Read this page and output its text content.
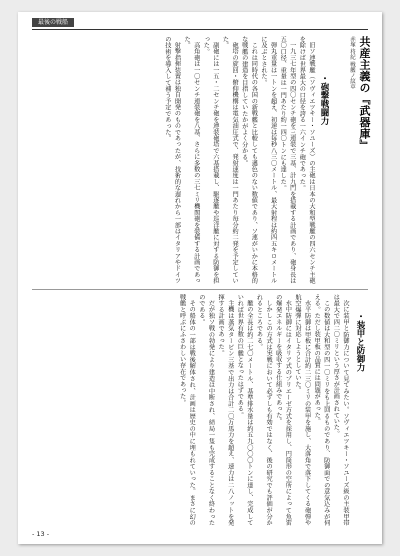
最後の戦船
共産主義の『武器庫』
赤塚 将紀 戦艦ノ紋章
・砲撃戦闘力

旧ソ連戦艦（ソヴィエツキー・ソユーズ）の主砲は日本の大和型戦艦の四六センチ主砲を除けば世界最大の口径を誇る一六インチ砲であった。

一九三七年型の四〇センチ砲を三連装で三基、計九門を搭載する計画であり、砲身長は五〇口径、重量は一門あたり約一四〇トンにも達した。

弾丸重量は一トンを超え、初速は毎秒八三〇メートル、最大射程は約四五キロメートルに及ぶとされた。

これは同時代の各国の新戦艦と比較しても遜色のない数値であり、ソ連がいかに本格的な戦艦の建造を目指していたかがよく分かる。

砲塔の旋回・俯仰機構は電気油圧式で、発射速度は一門あたり毎分約二発を予定していた。

副砲には一五・二センチ砲を連装砲塔で六基搭載し、駆逐艦や巡洋艦に対する防御を担った。

高角砲は一〇センチ連装砲を八基、さらに多数の三七ミリ機関砲を装備する計画であった。

射撃指揮装置は独自開発のものであったが、技術的な遅れから一部はイタリアやドイツの技術を導入して補う予定であった。

・装甲と防御力

次に装甲と防御力について見てみたい。ソヴィエツキー・ソユーズ級の主装甲帯は最大で四二〇ミリという厚さが計画されていた。

この数値は大和型の四一〇ミリをも上回るものであり、防御面での意気込みが伺える。ただし装甲板の品質には問題があった。

水平防御は甲板に合計約二三〇ミリの装甲を施し、大落角で落下してくる砲弾や航空爆弾に対応しようとしていた。

水中防御にはイタリア式のプリエーゼ方式を採用し、円筒形の空所によって魚雷の爆発エネルギーを吸収する仕組みであった。

しかしこの方式は実戦において必ずしも有効ではなく、後の研究でも評価が分かれるところである。

艦の全長は約二七〇メートル、基準排水量は約五九〇〇〇トンに達し、完成していれば世界有数の巨艦となったはずである。

主機は蒸気タービン三基で出力は合計二〇万馬力を超え、速力は二八ノットを発揮する計画であった。

だが独ソ戦の勃発により建造は中断され、結局一隻も完成することなく終わったのである。

その船体の一部は戦後解体され、計画は歴史の中に埋もれていった。まさに幻の戦艦と呼ぶにふさわしい存在であった。

- 13 -
